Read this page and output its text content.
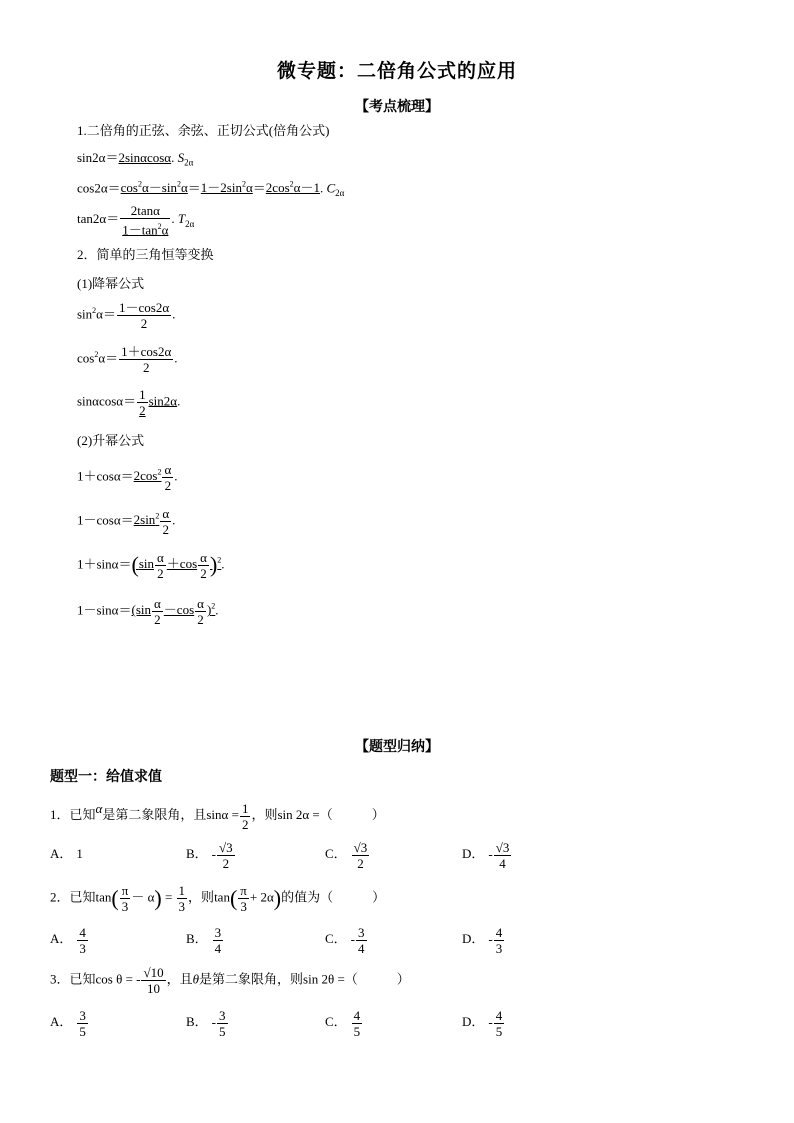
微专题：二倍角公式的应用
【考点梳理】
1.二倍角的正弦、余弦、正切公式(倍角公式)
sin2α＝2sinαcosα. $S_{2\alpha}$
$\cos 2\alpha=\cos^2\alpha-\sin^2\alpha=1-2\sin^2\alpha=2\cos^2\alpha-1$. $C_{2\alpha}$
$\tan 2\alpha= \frac{2\tan\alpha}{1-\tan^2\alpha}$ . $T_{2\alpha}$
2．简单的三角恒等变换
(1)降幂公式
$\sin^2\alpha= \frac{1-\cos 2\alpha}{2}$ .
$\cos^2\alpha= \frac{1+\cos 2\alpha}{2}$ .
$\sin\alpha\cos\alpha= \frac{1}{2} \sin 2\alpha$.
(2)升幂公式
$1+\cos\alpha=2\cos^2 \frac{\alpha}{2}$ .
$1-\cos\alpha=2\sin^2 \frac{\alpha}{2}$ .
$1+\sin\alpha=(\sin \frac{\alpha}{2} +\cos \frac{\alpha}{2} )^2$.
$1-\sin\alpha=(\sin \frac{\alpha}{2} -\cos \frac{\alpha}{2} )^2$.
【题型归纳】
题型一：给值求值
1．已知α是第二象限角，且$\sin\alpha = \frac{1}{2}$ ，则sin 2α =（　　　）
A． 1	B． - $\frac{√3}{2}$	C． $\frac{√3}{2}$	D． - $\frac{√3}{4}$
2．已知$\tan( \frac{\pi}{3} - \alpha) = \frac{1}{3}$ ，则$\tan( \frac{\pi}{3} + 2\alpha)$的值为（　　　）
A． $\frac{4}{3}$	B． $\frac{3}{4}$	C． - $\frac{3}{4}$	D． - $\frac{4}{3}$
3．已知cos θ = - $\frac{√10}{10}$ ，且θ是第二象限角，则sin 2θ =（　　　）
A． $\frac{3}{5}$	B． - $\frac{3}{5}$	C． $\frac{4}{5}$	D． - $\frac{4}{5}$
